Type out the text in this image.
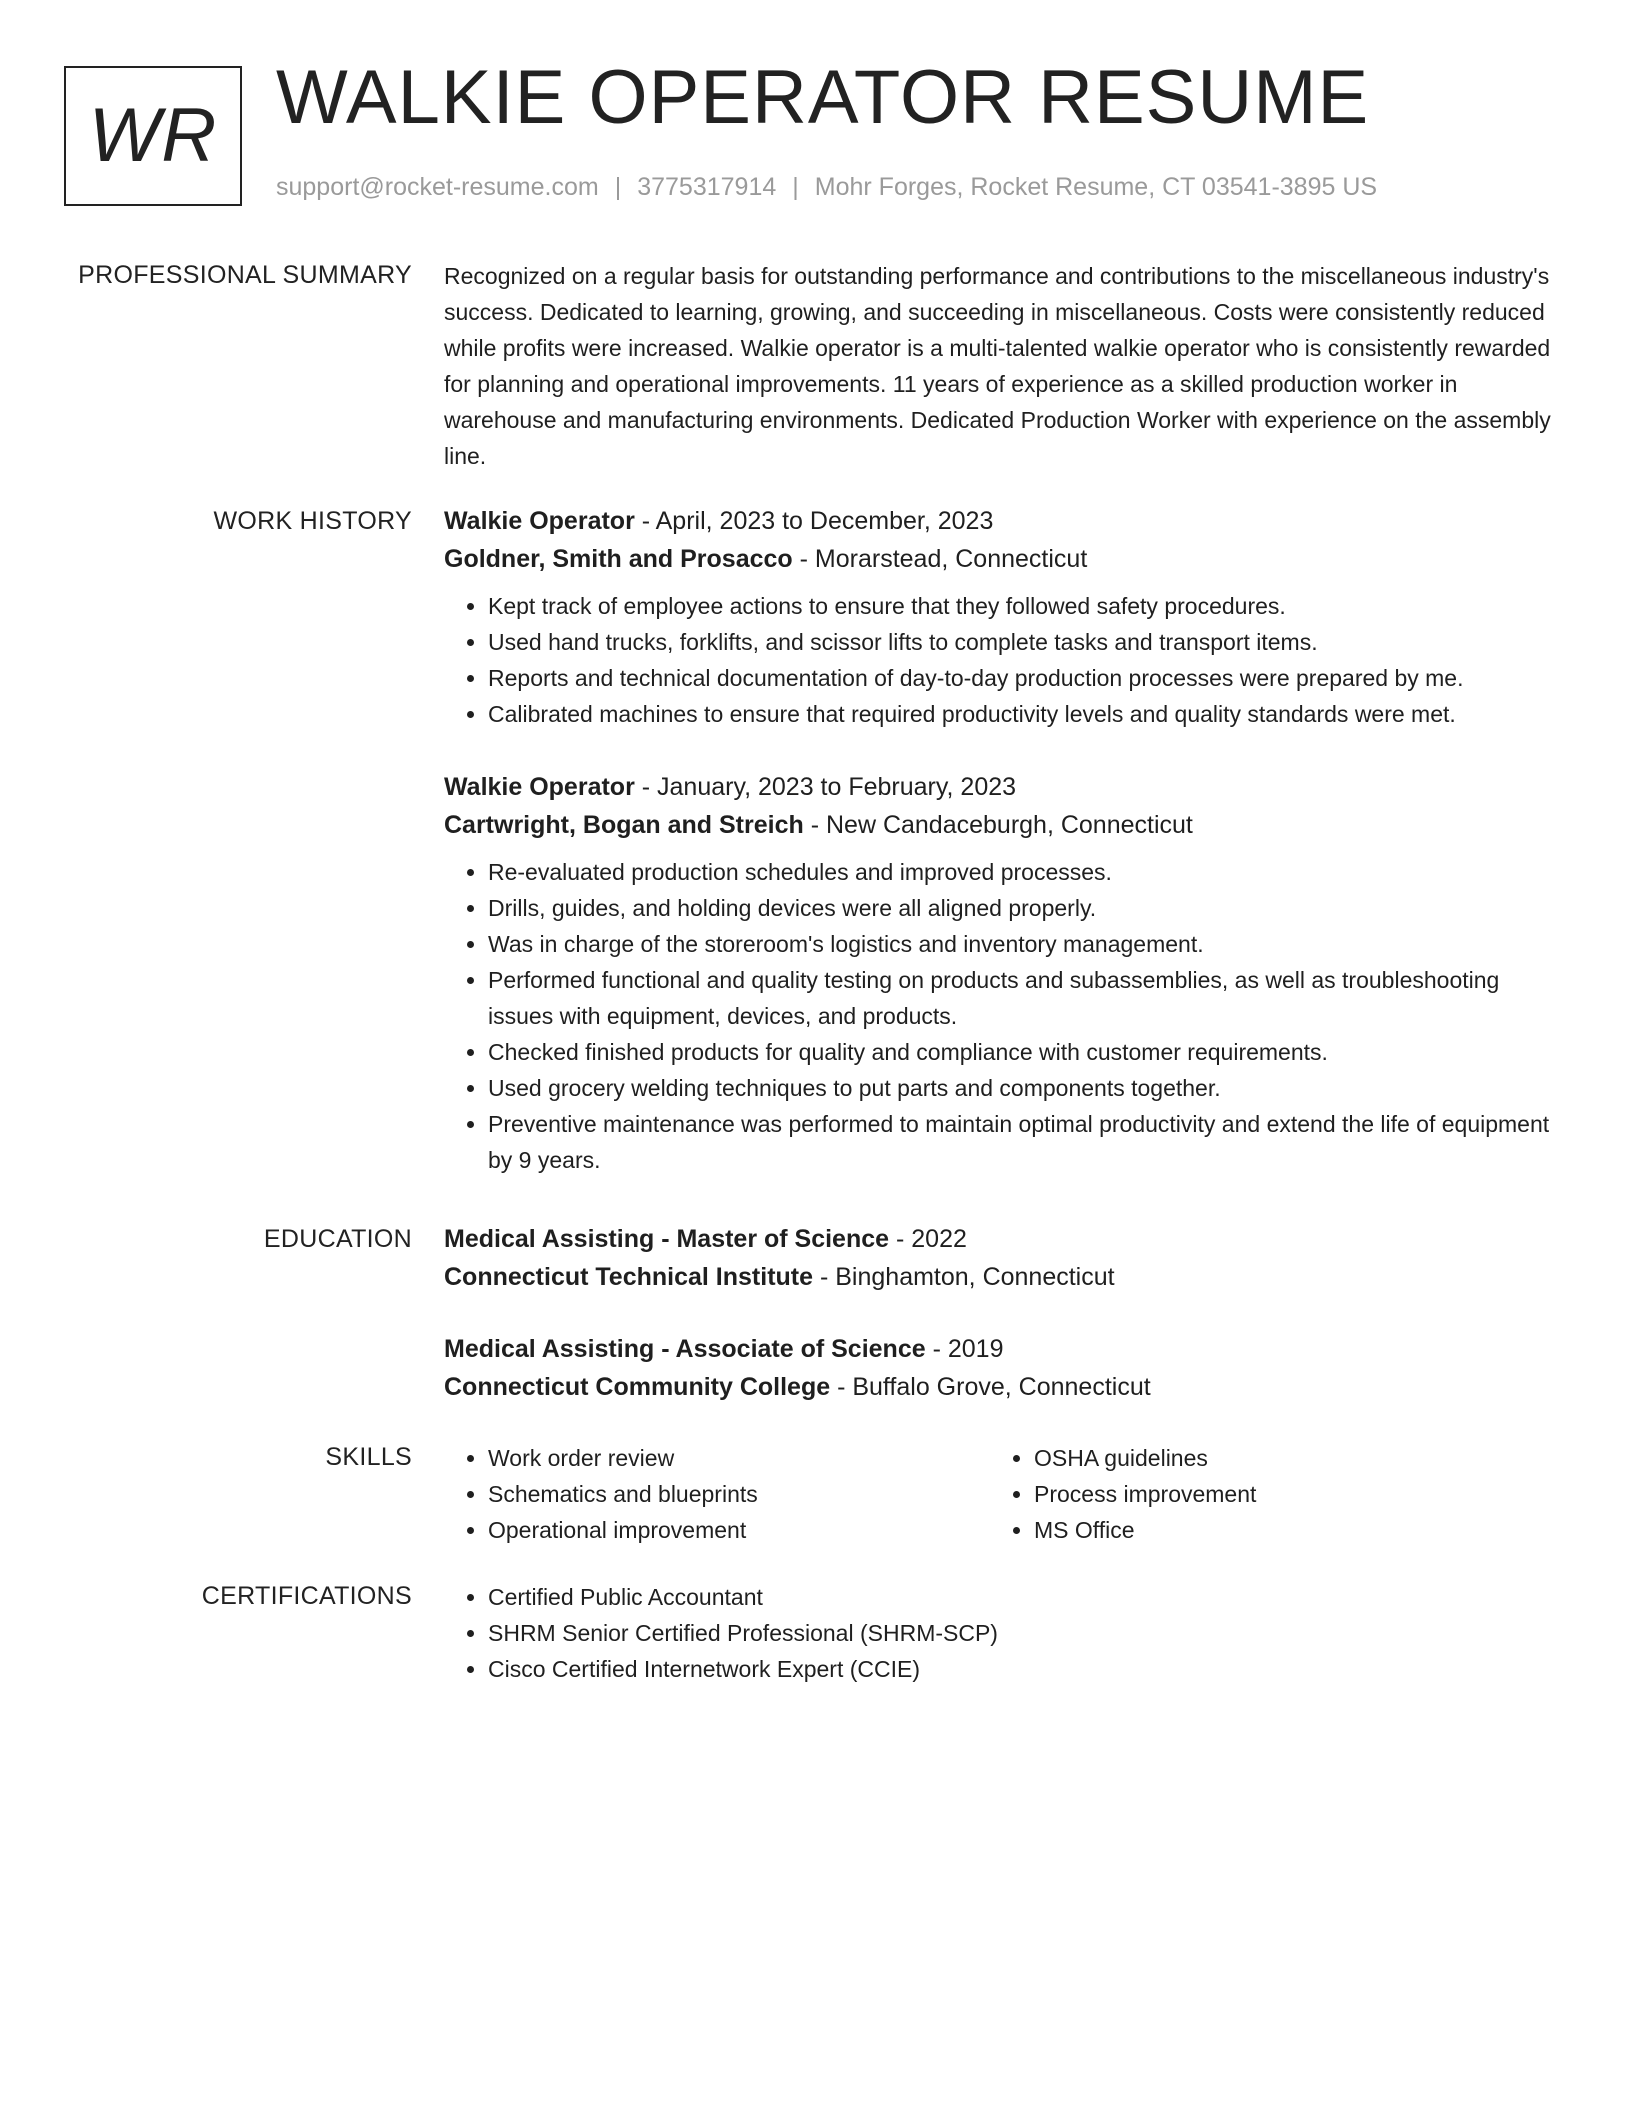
WR WALKIE OPERATOR RESUME
support@rocket-resume.com | 3775317914 | Mohr Forges, Rocket Resume, CT 03541-3895 US
PROFESSIONAL SUMMARY Recognized on a regular basis for outstanding performance and contributions to the miscellaneous industry's success. Dedicated to learning, growing, and succeeding in miscellaneous. Costs were consistently reduced while profits were increased. Walkie operator is a multi-talented walkie operator who is consistently rewarded for planning and operational improvements. 11 years of experience as a skilled production worker in warehouse and manufacturing environments. Dedicated Production Worker with experience on the assembly line.

WORK HISTORY Walkie Operator - April, 2023 to December, 2023
Goldner, Smith and Prosacco - Morarstead, Connecticut
• Kept track of employee actions to ensure that they followed safety procedures.
• Used hand trucks, forklifts, and scissor lifts to complete tasks and transport items.
• Reports and technical documentation of day-to-day production processes were prepared by me.
• Calibrated machines to ensure that required productivity levels and quality standards were met.
Walkie Operator - January, 2023 to February, 2023
Cartwright, Bogan and Streich - New Candaceburgh, Connecticut
• Re-evaluated production schedules and improved processes.
• Drills, guides, and holding devices were all aligned properly.
• Was in charge of the storeroom's logistics and inventory management.
• Performed functional and quality testing on products and subassemblies, as well as troubleshooting issues with equipment, devices, and products.
• Checked finished products for quality and compliance with customer requirements.
• Used grocery welding techniques to put parts and components together.
• Preventive maintenance was performed to maintain optimal productivity and extend the life of equipment by 9 years.
EDUCATION Medical Assisting - Master of Science - 2022
Connecticut Technical Institute - Binghamton, Connecticut
Medical Assisting - Associate of Science - 2019
Connecticut Community College - Buffalo Grove, Connecticut
SKILLS	• Work order review
• Schematics and blueprints
• Operational improvement
• OSHA guidelines
• Process improvement
• MS Office
CERTIFICATIONS	• Certified Public Accountant
• SHRM Senior Certified Professional (SHRM-SCP)
• Cisco Certified Internetwork Expert (CCIE)
